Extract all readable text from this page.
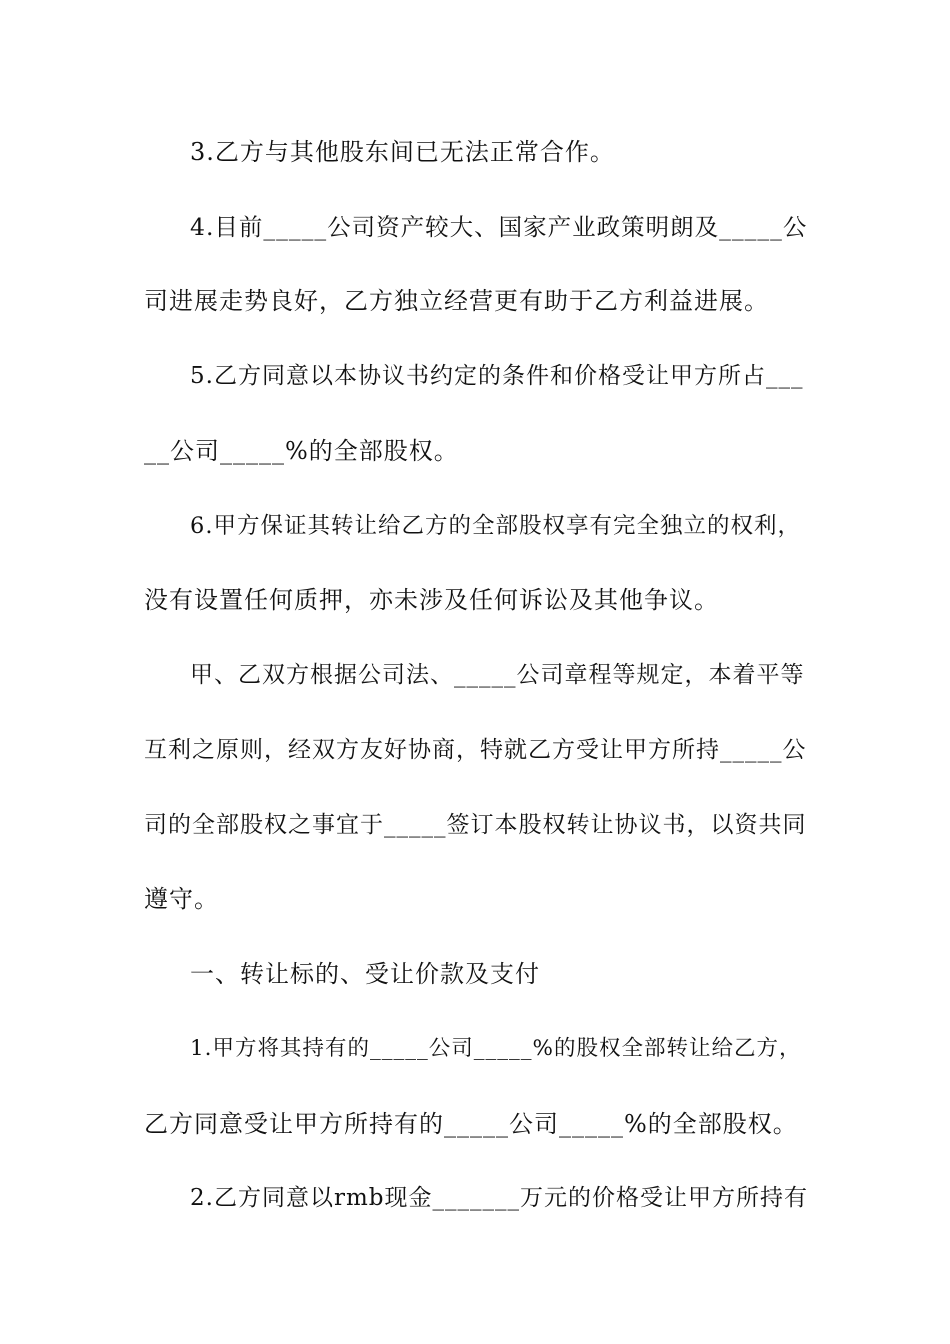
3.乙方与其他股东间已无法正常合作。
4.目前_____公司资产较大、国家产业政策明朗及_____公
司进展走势良好，乙方独立经营更有助于乙方利益进展。
5.乙方同意以本协议书约定的条件和价格受让甲方所占___
__公司_____%的全部股权。
6.甲方保证其转让给乙方的全部股权享有完全独立的权利，
没有设置任何质押，亦未涉及任何诉讼及其他争议。
甲、乙双方根据公司法、_____公司章程等规定，本着平等
互利之原则，经双方友好协商，特就乙方受让甲方所持_____公
司的全部股权之事宜于_____签订本股权转让协议书，以资共同
遵守。
一、转让标的、受让价款及支付
1.甲方将其持有的_____公司_____%的股权全部转让给乙方，
乙方同意受让甲方所持有的_____公司_____%的全部股权。
2.乙方同意以rmb现金_______万元的价格受让甲方所持有
